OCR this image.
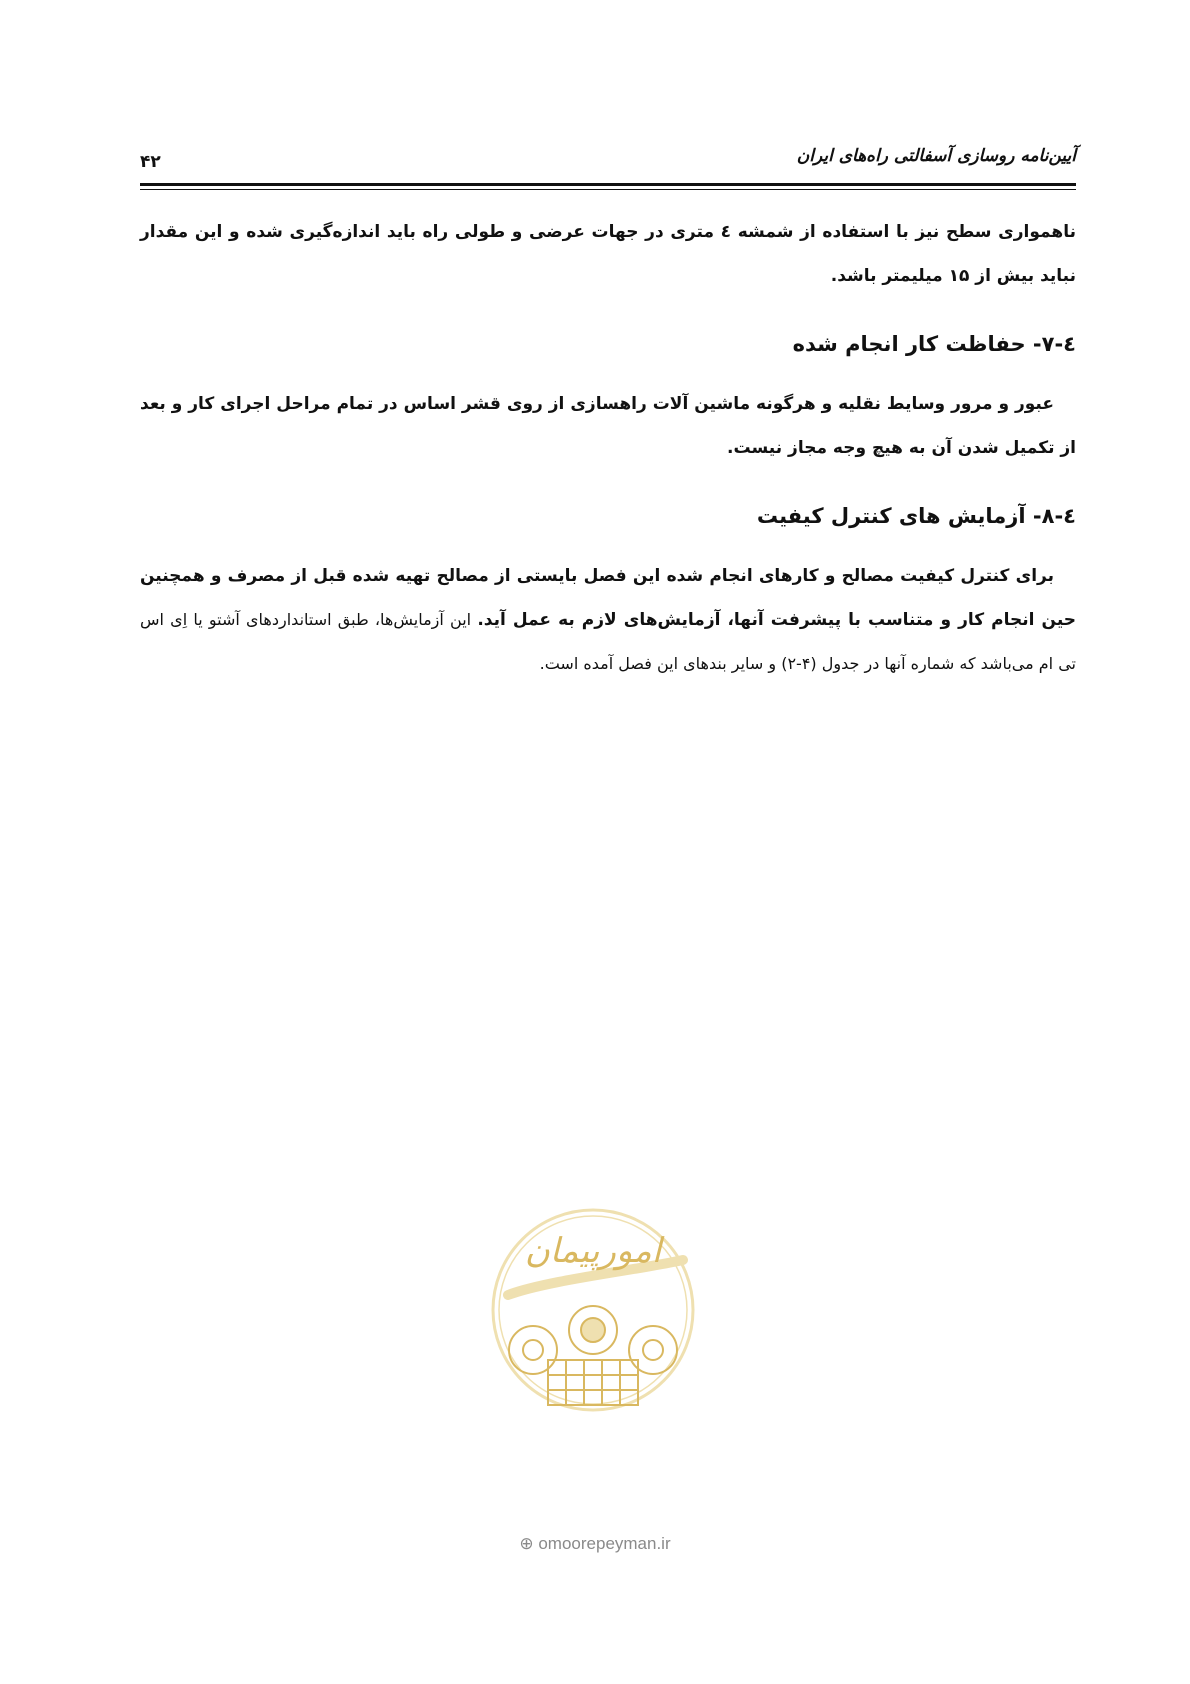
آیین‌نامه روسازی آسفالتی راه‌های ایران
۴۲

ناهمواری سطح نیز با استفاده از شمشه ٤ متری در جهات عرضی و طولی راه باید اندازه‌گیری شده و این مقدار نباید بیش از ۱۵ میلیمتر باشد.

٤-۷- حفاظت کار انجام شده

عبور و مرور وسایط نقلیه و هرگونه ماشین آلات راهسازی از روی قشر اساس در تمام مراحل اجرای کار و بعد از تکمیل شدن آن به هیچ وجه مجاز نیست.

٤-۸- آزمایش های کنترل کیفیت

برای کنترل کیفیت مصالح و کارهای انجام شده این فصل بایستی از مصالح تهیه شده قبل از مصرف و همچنین حین انجام کار و متناسب با پیشرفت آنها، آزمایش‌های لازم به عمل آید. این آزمایش‌ها، طبق استانداردهای آشتو یا اِی اس تی ام می‌باشد که شماره آنها در جدول (۴-۲) و سایر بندهای این فصل آمده است.

امورپیمان
⊕ omoorepeyman.ir
